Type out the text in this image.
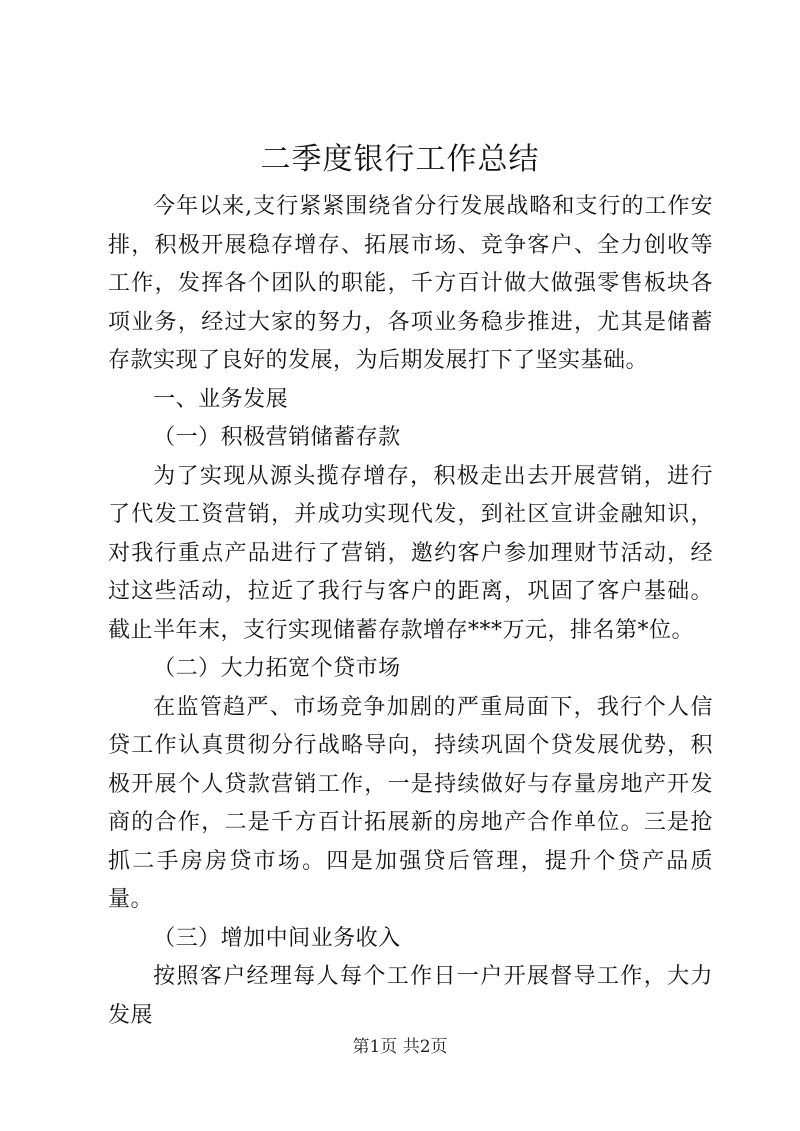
二季度银行工作总结

今年以来,支行紧紧围绕省分行发展战略和支行的工作安排，积极开展稳存增存、拓展市场、竞争客户、全力创收等工作，发挥各个团队的职能，千方百计做大做强零售板块各项业务，经过大家的努力，各项业务稳步推进，尤其是储蓄存款实现了良好的发展，为后期发展打下了坚实基础。

一、业务发展

（一）积极营销储蓄存款

为了实现从源头揽存增存，积极走出去开展营销，进行了代发工资营销，并成功实现代发，到社区宣讲金融知识，对我行重点产品进行了营销，邀约客户参加理财节活动，经过这些活动，拉近了我行与客户的距离，巩固了客户基础。截止半年末，支行实现储蓄存款增存***万元，排名第*位。

（二）大力拓宽个贷市场

在监管趋严、市场竞争加剧的严重局面下，我行个人信贷工作认真贯彻分行战略导向，持续巩固个贷发展优势，积极开展个人贷款营销工作，一是持续做好与存量房地产开发商的合作，二是千方百计拓展新的房地产合作单位。三是抢抓二手房房贷市场。四是加强贷后管理，提升个贷产品质量。

（三）增加中间业务收入

按照客户经理每人每个工作日一户开展督导工作，大力发展

第1页 共2页
